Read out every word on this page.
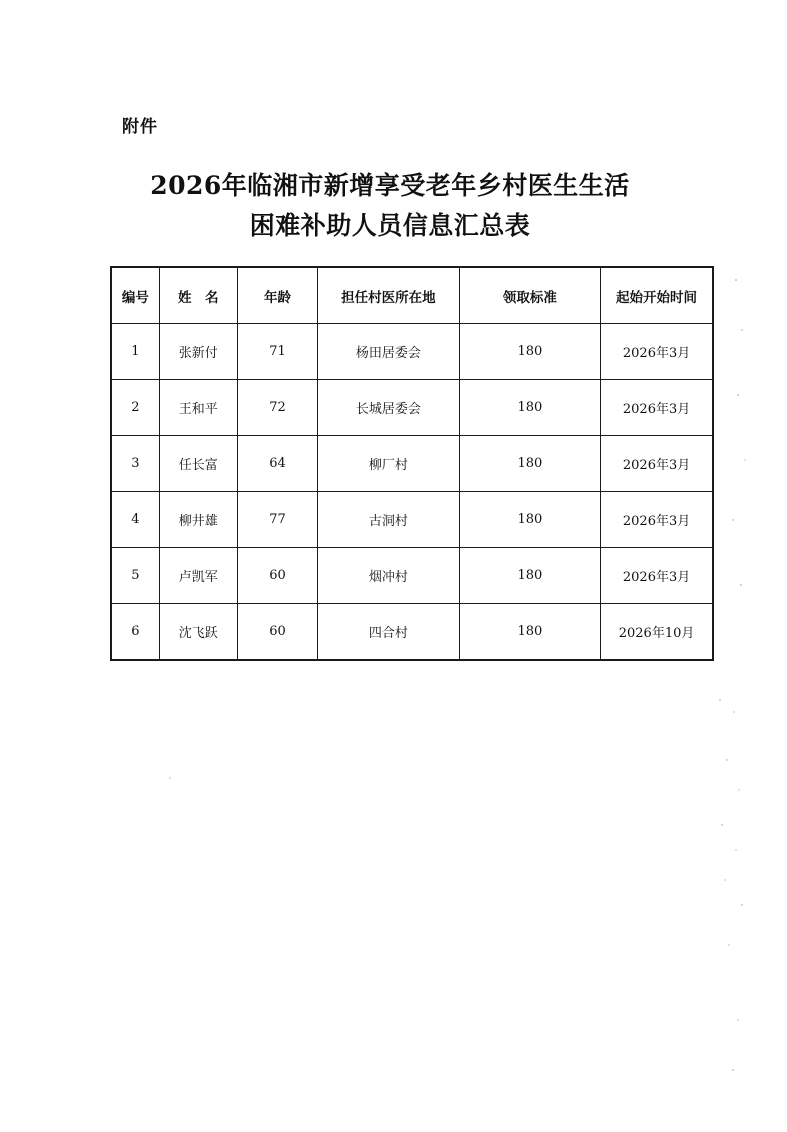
附件
2026年临湘市新增享受老年乡村医生生活
困难补助人员信息汇总表
编号	姓　名	年龄	担任村医所在地	领取标准	起始开始时间
1	张新付	71	杨田居委会	180	2026年3月
2	王和平	72	长城居委会	180	2026年3月
3	任长富	64	柳厂村	180	2026年3月
4	柳井雄	77	古洞村	180	2026年3月
5	卢凯军	60	烟冲村	180	2026年3月
6	沈飞跃	60	四合村	180	2026年10月
